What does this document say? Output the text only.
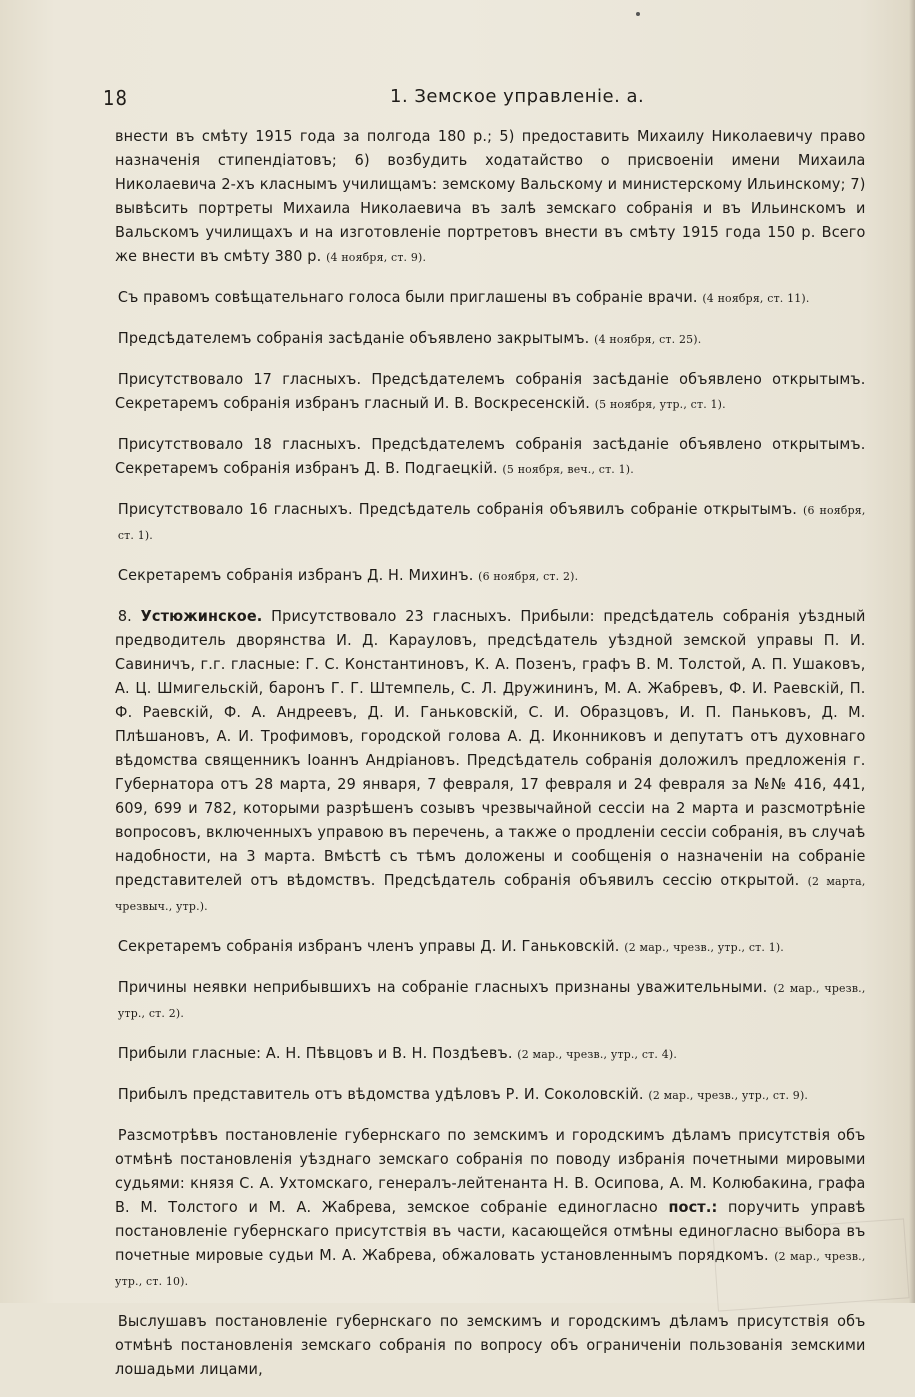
18	1. Земское управленіе. а.

внести въ смѣту 1915 года за полгода 180 р.; 5) предоставить Михаилу Николаевичу право назначенія стипендіатовъ; 6) возбудить ходатайство о присвоеніи имени Михаила Николаевича 2-хъ класнымъ училищамъ: земскому Вальскому и министерскому Ильинскому; 7) вывѣсить портреты Михаила Николаевича въ залѣ земскаго собранія и въ Ильинскомъ и Вальскомъ училищахъ и на изготовленіе портретовъ внести въ смѣту 1915 года 150 р. Всего же внести въ смѣту 380 р. (4 ноября, ст. 9).

Съ правомъ совѣщательнаго голоса были приглашены въ собраніе врачи. (4 ноября, ст. 11).

Предсѣдателемъ собранія засѣданіе объявлено закрытымъ. (4 ноября, ст. 25).

Присутствовало 17 гласныхъ. Предсѣдателемъ собранія засѣданіе объявлено открытымъ. Секретаремъ собранія избранъ гласный И. В. Воскресенскій. (5 ноября, утр., ст. 1).

Присутствовало 18 гласныхъ. Предсѣдателемъ собранія засѣданіе объявлено открытымъ. Секретаремъ собранія избранъ Д. В. Подгаецкій. (5 ноября, веч., ст. 1).

Присутствовало 16 гласныхъ. Предсѣдатель собранія объявилъ собраніе открытымъ. (6 ноября, ст. 1).

Секретаремъ собранія избранъ Д. Н. Михинъ. (6 ноября, ст. 2).

8. Устюжинское. Присутствовало 23 гласныхъ. Прибыли: предсѣдатель собранія уѣздный предводитель дворянства И. Д. Карауловъ, предсѣдатель уѣздной земской управы П. И. Савиничъ, г.г. гласные: Г. С. Константиновъ, К. А. Позенъ, графъ В. М. Толстой, А. П. Ушаковъ, А. Ц. Шмигельскій, баронъ Г. Г. Штемпель, С. Л. Дружининъ, М. А. Жабревъ, Ф. И. Раевскій, П. Ф. Раевскій, Ф. А. Андреевъ, Д. И. Ганьковскій, С. И. Образцовъ, И. П. Паньковъ, Д. М. Плѣшановъ, А. И. Трофимовъ, городской голова А. Д. Иконниковъ и депутатъ отъ духовнаго вѣдомства священникъ Іоаннъ Андріановъ. Предсѣдатель собранія доложилъ предложенія г. Губернатора отъ 28 марта, 29 января, 7 февраля, 17 февраля и 24 февраля за №№ 416, 441, 609, 699 и 782, которыми разрѣшенъ созывъ чрезвычайной сессіи на 2 марта и разсмотрѣніе вопросовъ, включенныхъ управою въ перечень, а также о продленіи сессіи собранія, въ случаѣ надобности, на 3 марта. Вмѣстѣ съ тѣмъ доложены и сообщенія о назначеніи на собраніе представителей отъ вѣдомствъ. Предсѣдатель собранія объявилъ сессію открытой. (2 марта, чрезвыч., утр.).

Секретаремъ собранія избранъ членъ управы Д. И. Ганьковскій. (2 мар., чрезв., утр., ст. 1).

Причины неявки неприбывшихъ на собраніе гласныхъ признаны уважительными. (2 мар., чрезв., утр., ст. 2).

Прибыли гласные: А. Н. Пѣвцовъ и В. Н. Поздѣевъ. (2 мар., чрезв., утр., ст. 4).

Прибылъ представитель отъ вѣдомства удѣловъ Р. И. Соколовскій. (2 мар., чрезв., утр., ст. 9).

Разсмотрѣвъ постановленіе губернскаго по земскимъ и городскимъ дѣламъ присутствія объ отмѣнѣ постановленія уѣзднаго земскаго собранія по поводу избранія почетными мировыми судьями: князя С. А. Ухтомскаго, генералъ-лейтенанта Н. В. Осипова, А. М. Колюбакина, графа В. М. Толстого и М. А. Жабрева, земское собраніе единогласно пост.: поручить управѣ постановленіе губернскаго присутствія въ части, касающейся отмѣны единогласно выбора въ почетные мировые судьи М. А. Жабрева, обжаловать установленнымъ порядкомъ. (2 мар., чрезв., утр., ст. 10).

Выслушавъ постановленіе губернскаго по земскимъ и городскимъ дѣламъ присутствія объ отмѣнѣ постановленія земскаго собранія по вопросу объ ограниченіи пользованія земскими лошадьми лицами,
